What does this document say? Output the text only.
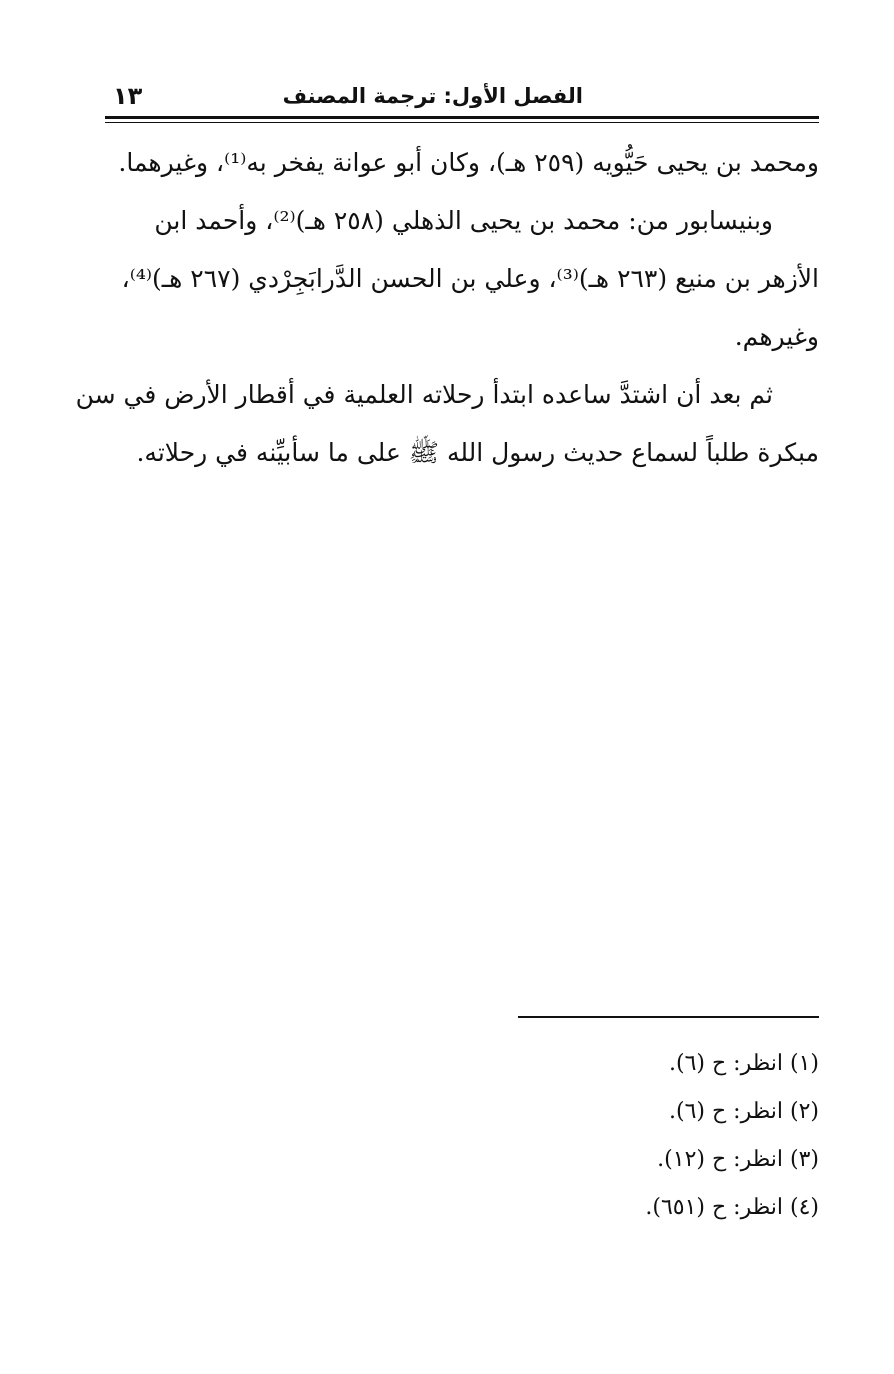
الفصل الأول: ترجمة المصنف
١٣

ومحمد بن يحيى حَيُّويه (٢٥٩ هـ)، وكان أبو عوانة يفخر به⁽¹⁾، وغيرهما.

وبنيسابور من: محمد بن يحيى الذهلي (٢٥٨ هـ)⁽²⁾، وأحمد ابن
الأزهر بن منيع (٢٦٣ هـ)⁽³⁾، وعلي بن الحسن الدَّرابَجِرْدي (٢٦٧ هـ)⁽⁴⁾،
وغيرهم.

ثم بعد أن اشتدَّ ساعده ابتدأ رحلاته العلمية في أقطار الأرض في سن
مبكرة طلباً لسماع حديث رسول الله ﷺ على ما سأبيِّنه في رحلاته.

(١) انظر: ح (٦).
(٢) انظر: ح (٦).
(٣) انظر: ح (١٢).
(٤) انظر: ح (٦٥١).
